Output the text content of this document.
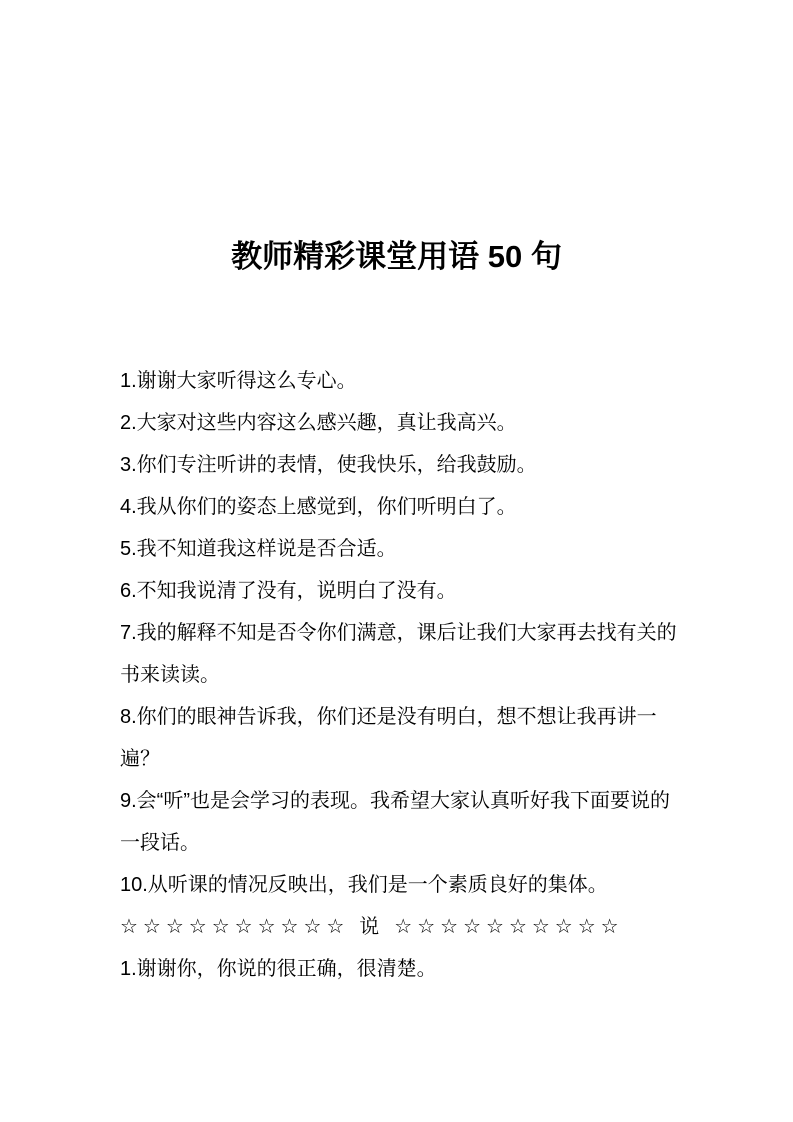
教师精彩课堂用语 50 句

1.谢谢大家听得这么专心。

2.大家对这些内容这么感兴趣，真让我高兴。

3.你们专注听讲的表情，使我快乐，给我鼓励。

4.我从你们的姿态上感觉到，你们听明白了。

5.我不知道我这样说是否合适。

6.不知我说清了没有，说明白了没有。

7.我的解释不知是否令你们满意，课后让我们大家再去找有关的书来读读。

8.你们的眼神告诉我，你们还是没有明白，想不想让我再讲一遍？

9.会“听”也是会学习的表现。我希望大家认真听好我下面要说的一段话。

10.从听课的情况反映出，我们是一个素质良好的集体。

☆☆☆☆☆☆☆☆☆☆ 说 ☆☆☆☆☆☆☆☆☆☆

1.谢谢你，你说的很正确，很清楚。
